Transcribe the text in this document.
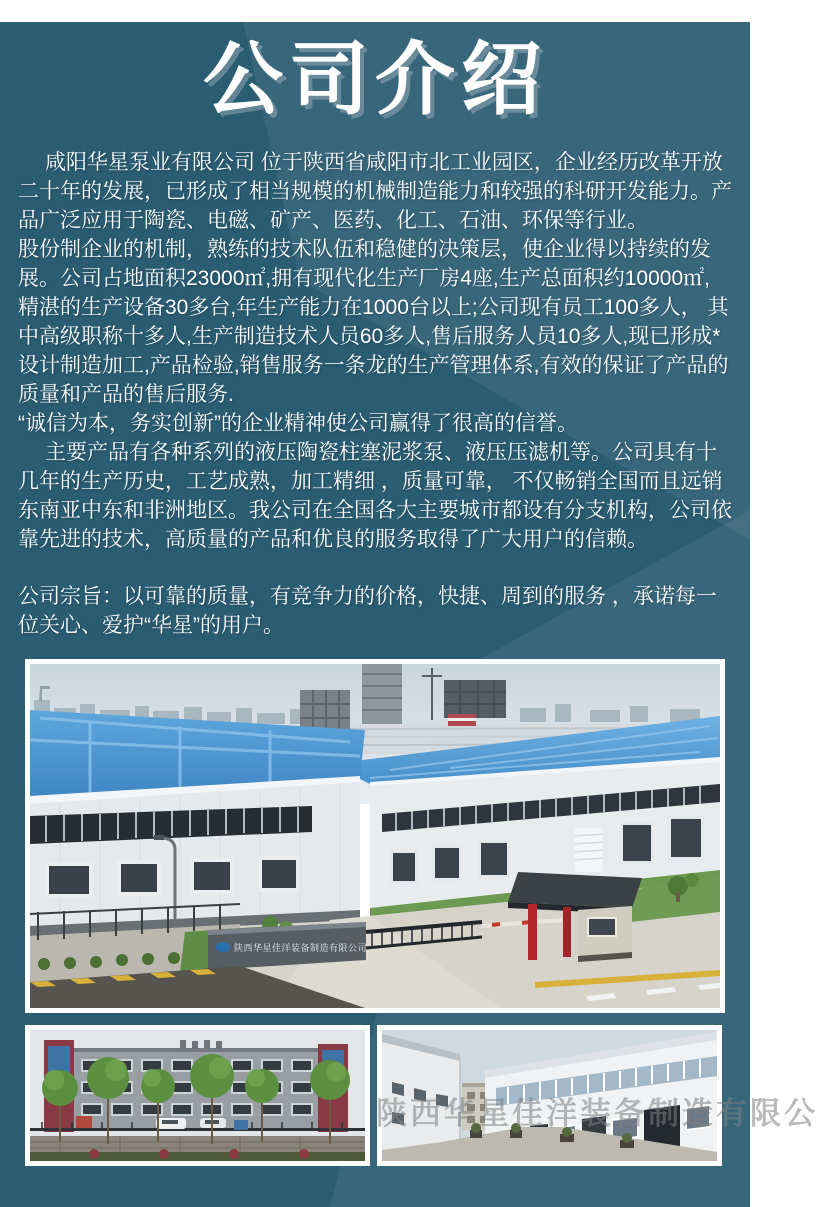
公司介绍

咸阳华星泵业有限公司 位于陕西省咸阳市北工业园区，企业经历改革开放二十年的发展，已形成了相当规模的机械制造能力和较强的科研开发能力。产品广泛应用于陶瓷、电磁、矿产、医药、化工、石油、环保等行业。

股份制企业的机制，熟练的技术队伍和稳健的决策层，使企业得以持续的发展。公司占地面积23000㎡,拥有现代化生产厂房4座,生产总面积约10000㎡, 精湛的生产设备30多台,年生产能力在1000台以上;公司现有员工100多人， 其中高级职称十多人,生产制造技术人员60多人,售后服务人员10多人,现已形成*设计制造加工,产品检验,销售服务一条龙的生产管理体系,有效的保证了产品的质量和产品的售后服务.

“诚信为本，务实创新”的企业精神使公司赢得了很高的信誉。

主要产品有各种系列的液压陶瓷柱塞泥浆泵、液压压滤机等。公司具有十几年的生产历史，工艺成熟，加工精细 ，质量可靠， 不仅畅销全国而且远销东南亚中东和非洲地区。我公司在全国各大主要城市都设有分支机构，公司依靠先进的技术，高质量的产品和优良的服务取得了广大用户的信赖。

公司宗旨：以可靠的质量，有竞争力的价格，快捷、周到的服务 ，承诺每一位关心、爱护“华星”的用户。

陕西华星佳洋装备制造有限公司
陕西华星佳洋装备制造有限公
